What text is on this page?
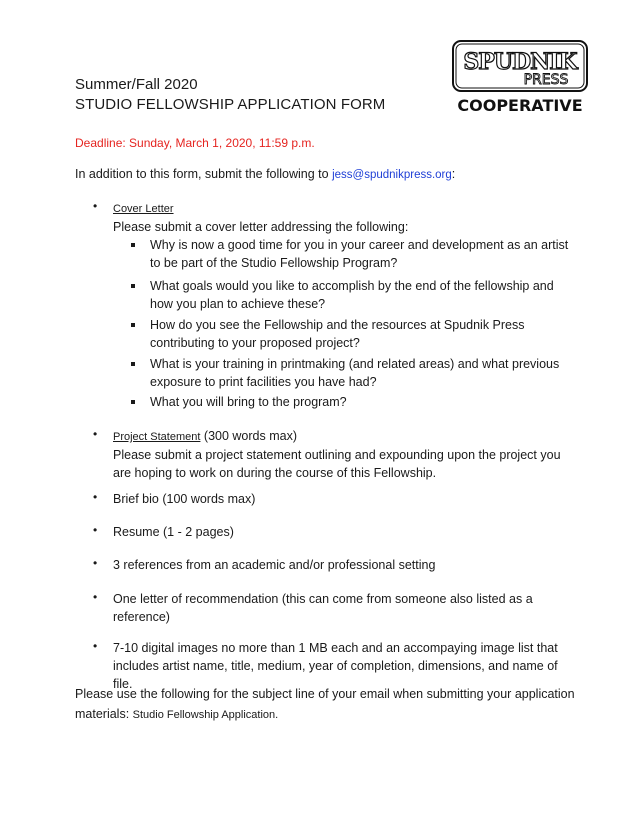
Summer/Fall 2020
STUDIO FELLOWSHIP APPLICATION FORM
SPUDNIK
PRESS
COOPERATIVE
Deadline: Sunday, March 1, 2020, 11:59 p.m.
In addition to this form, submit the following to jess@spudnikpress.org:
• Cover Letter
Please submit a cover letter addressing the following:
Why is now a good time for you in your career and development as an artist to be part of the Studio Fellowship Program?
What goals would you like to accomplish by the end of the fellowship and how you plan to achieve these?
How do you see the Fellowship and the resources at Spudnik Press contributing to your proposed project?
What is your training in printmaking (and related areas) and what previous exposure to print facilities you have had?
What you will bring to the program?
• Project Statement (300 words max)
Please submit a project statement outlining and expounding upon the project you are hoping to work on during the course of this Fellowship.
• Brief bio (100 words max)
• Resume (1 - 2 pages)
• 3 references from an academic and/or professional setting
• One letter of recommendation (this can come from someone also listed as a reference)
• 7-10 digital images no more than 1 MB each and an accompaying image list that includes artist name, title, medium, year of completion, dimensions, and name of file.
Please use the following for the subject line of your email when submitting your application materials: Studio Fellowship Application.
